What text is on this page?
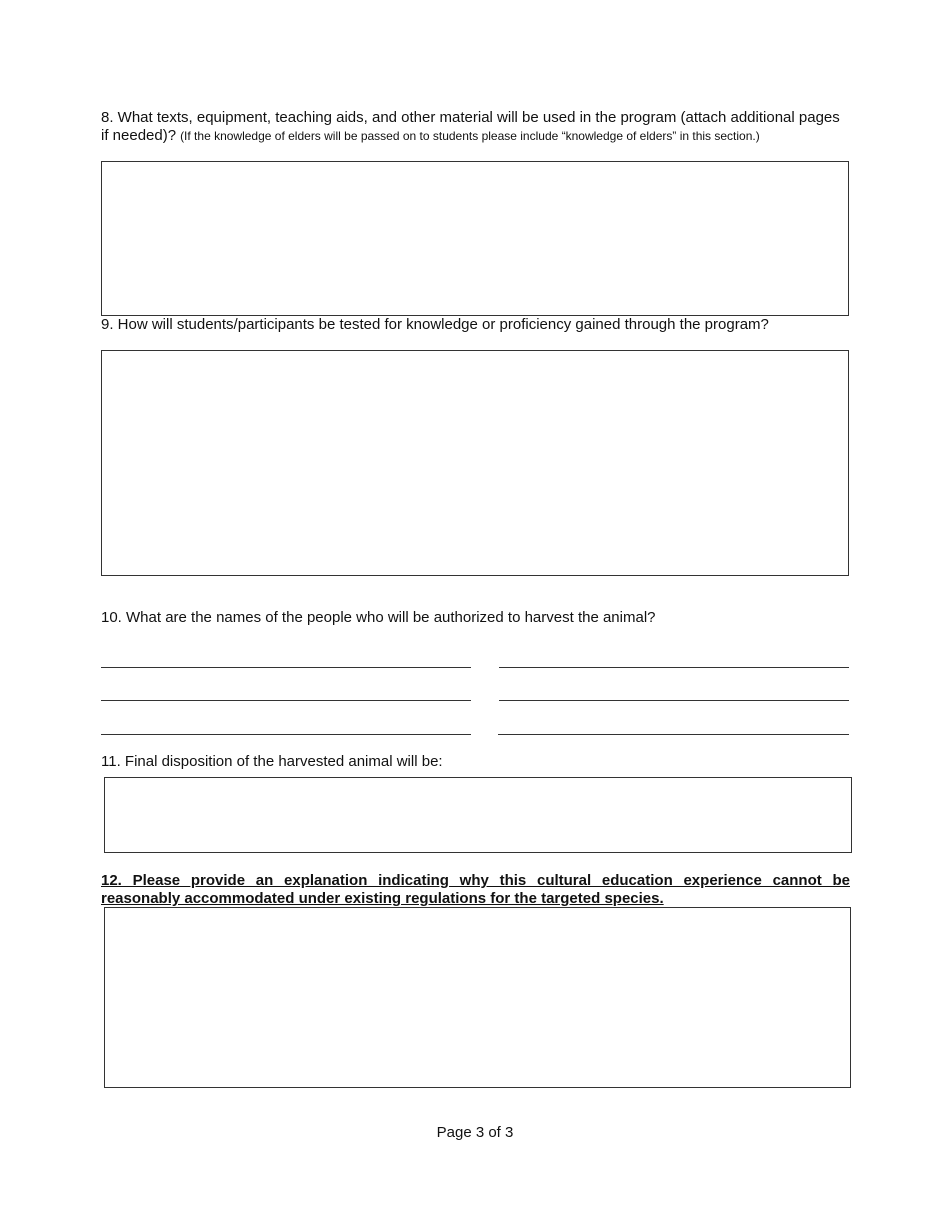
8. What texts, equipment, teaching aids, and other material will be used in the program (attach additional pages if needed)? (If the knowledge of elders will be passed on to students please include “knowledge of elders” in this section.)
9. How will students/participants be tested for knowledge or proficiency gained through the program?
10. What are the names of the people who will be authorized to harvest the animal?
11. Final disposition of the harvested animal will be:
12. Please provide an explanation indicating why this cultural education experience cannot be reasonably accommodated under existing regulations for the targeted species.
Page 3 of 3
